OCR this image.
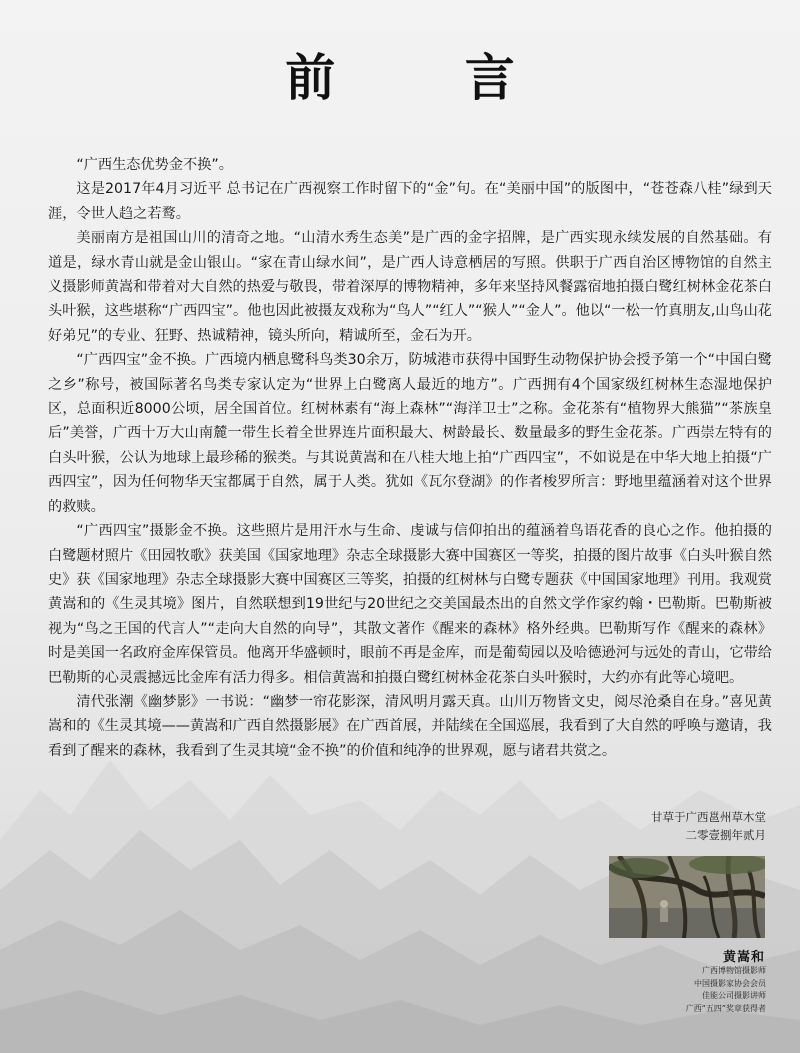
前 言

“广西生态优势金不换”。

这是2017年4月习近平 总书记在广西视察工作时留下的“金”句。在“美丽中国”的版图中，“苍苍森八桂”绿到天涯，令世人趋之若鹜。

美丽南方是祖国山川的清奇之地。“山清水秀生态美”是广西的金字招牌，是广西实现永续发展的自然基础。有道是，绿水青山就是金山银山。“家在青山绿水间”，是广西人诗意栖居的写照。供职于广西自治区博物馆的自然主义摄影师黄嵩和带着对大自然的热爱与敬畏，带着深厚的博物精神，多年来坚持风餐露宿地拍摄白鹭红树林金花茶白头叶猴，这些堪称“广西四宝”。他也因此被摄友戏称为“鸟人”“红人”“猴人”“金人”。他以“一松一竹真朋友,山鸟山花好弟兄”的专业、狂野、热诚精神，镜头所向，精诚所至，金石为开。

“广西四宝”金不换。广西境内栖息鹭科鸟类30余万，防城港市获得中国野生动物保护协会授予第一个“中国白鹭之乡”称号，被国际著名鸟类专家认定为“世界上白鹭离人最近的地方”。广西拥有4个国家级红树林生态湿地保护区，总面积近8000公顷，居全国首位。红树林素有“海上森林”“海洋卫士”之称。金花茶有“植物界大熊猫”“茶族皇后”美誉，广西十万大山南麓一带生长着全世界连片面积最大、树龄最长、数量最多的野生金花茶。广西崇左特有的白头叶猴，公认为地球上最珍稀的猴类。与其说黄嵩和在八桂大地上拍“广西四宝”，不如说是在中华大地上拍摄“广西四宝”，因为任何物华天宝都属于自然，属于人类。犹如《瓦尔登湖》的作者梭罗所言：野地里蕴涵着对这个世界的救赎。

“广西四宝”摄影金不换。这些照片是用汗水与生命、虔诚与信仰拍出的蕴涵着鸟语花香的良心之作。他拍摄的白鹭题材照片《田园牧歌》获美国《国家地理》杂志全球摄影大赛中国赛区一等奖，拍摄的图片故事《白头叶猴自然史》获《国家地理》杂志全球摄影大赛中国赛区三等奖，拍摄的红树林与白鹭专题获《中国国家地理》刊用。我观赏黄嵩和的《生灵其境》图片，自然联想到19世纪与20世纪之交美国最杰出的自然文学作家约翰・巴勒斯。巴勒斯被视为“鸟之王国的代言人”“走向大自然的向导”，其散文著作《醒来的森林》格外经典。巴勒斯写作《醒来的森林》时是美国一名政府金库保管员。他离开华盛顿时，眼前不再是金库，而是葡萄园以及哈德逊河与远处的青山，它带给巴勒斯的心灵震撼远比金库有活力得多。相信黄嵩和拍摄白鹭红树林金花茶白头叶猴时，大约亦有此等心境吧。

清代张潮《幽梦影》一书说：“幽梦一帘花影深，清风明月露天真。山川万物皆文史，阅尽沧桑自在身。”喜见黄嵩和的《生灵其境——黄嵩和广西自然摄影展》在广西首展，并陆续在全国巡展，我看到了大自然的呼唤与邀请，我看到了醒来的森林，我看到了生灵其境“金不换”的价值和纯净的世界观，愿与诸君共赏之。

甘草于广西邕州草木堂
二零壹捌年贰月
黄嵩和
广西博物馆摄影师
中国摄影家协会会员
佳能公司摄影讲师
广西“五四”奖章获得者
